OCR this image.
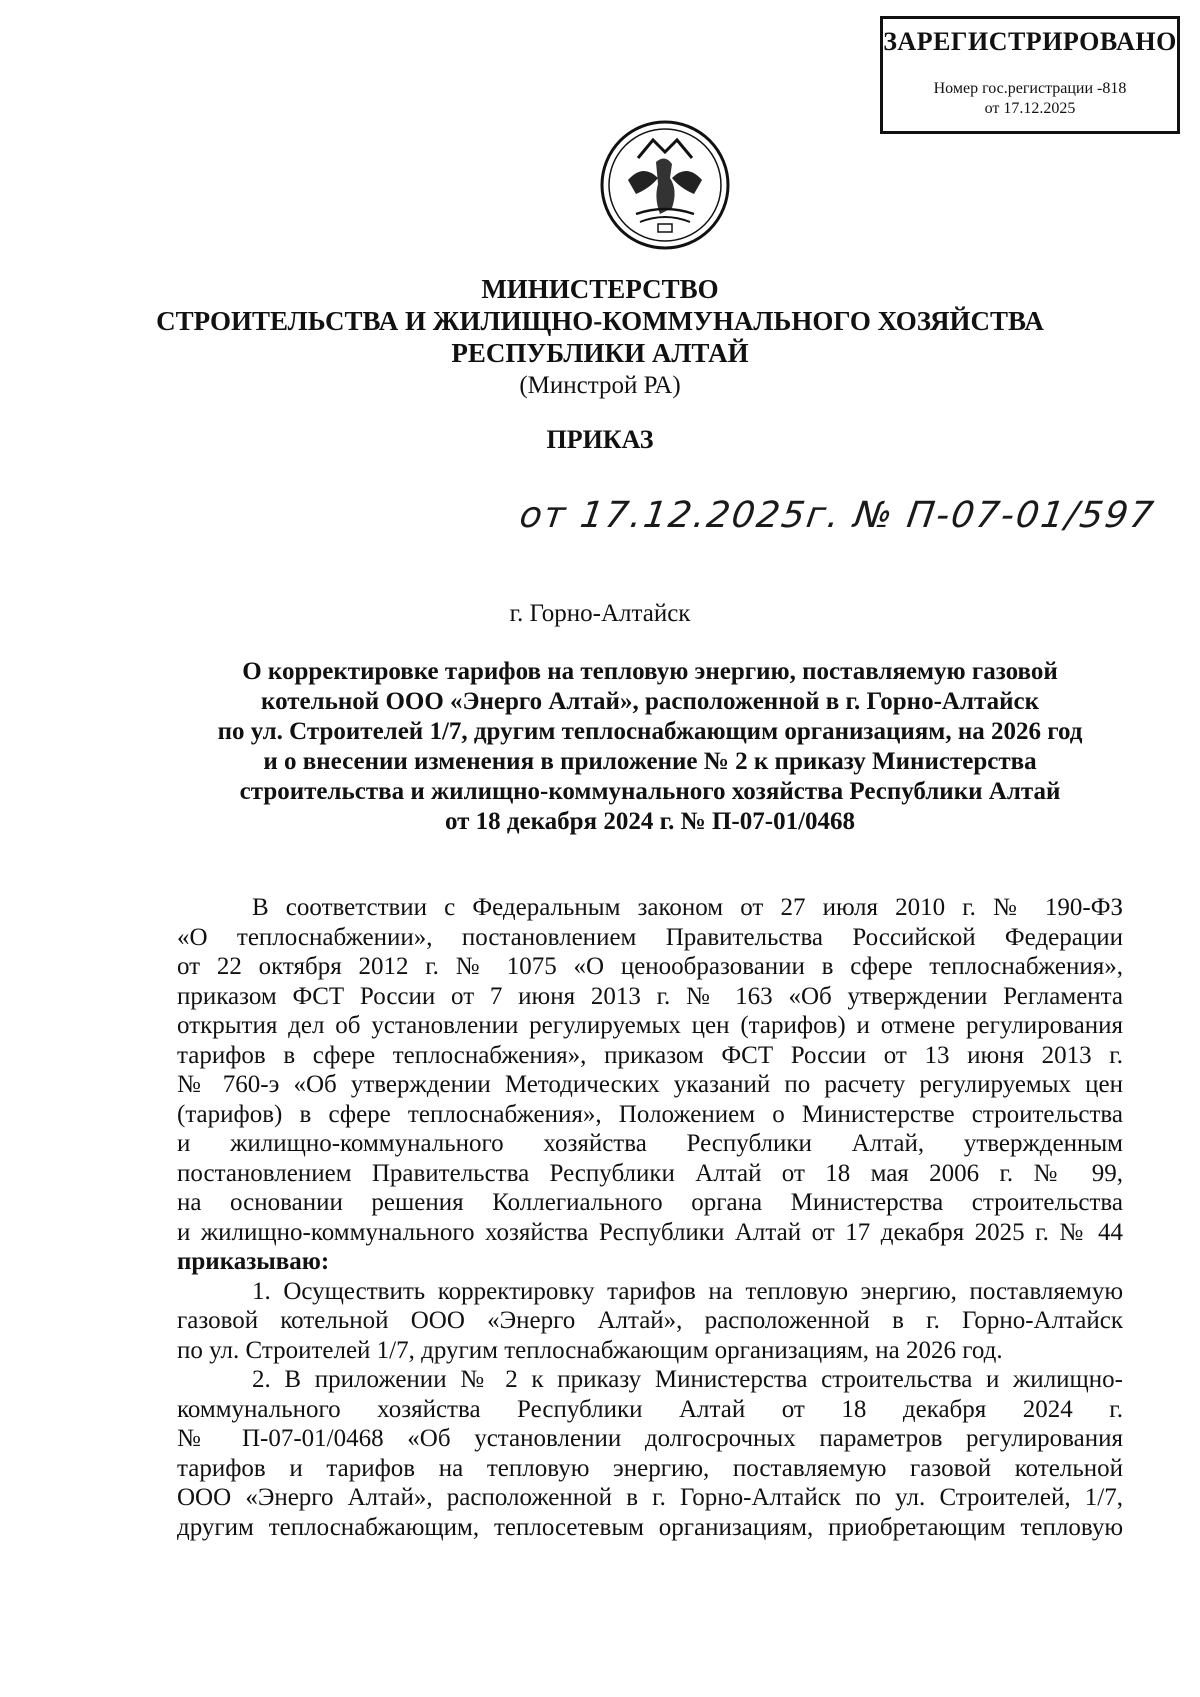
ЗАРЕГИСТРИРОВАНО
Номер гос.регистрации -818
от 17.12.2025
МИНИСТЕРСТВО
СТРОИТЕЛЬСТВА И ЖИЛИЩНО-КОММУНАЛЬНОГО ХОЗЯЙСТВА
РЕСПУБЛИКИ АЛТАЙ
(Минстрой РА)
ПРИКАЗ
от 17.12.2025г. № П-07-01/597
г. Горно-Алтайск
О корректировке тарифов на тепловую энергию, поставляемую газовой
котельной ООО «Энерго Алтай», расположенной в г. Горно-Алтайск
по ул. Строителей 1/7, другим теплоснабжающим организациям, на 2026 год
и о внесении изменения в приложение № 2 к приказу Министерства
строительства и жилищно-коммунального хозяйства Республики Алтай
от 18 декабря 2024 г. № П-07-01/0468
В соответствии с Федеральным законом от 27 июля 2010 г. № 190-ФЗ
«О теплоснабжении», постановлением Правительства Российской Федерации
от 22 октября 2012 г. № 1075 «О ценообразовании в сфере теплоснабжения»,
приказом ФСТ России от 7 июня 2013 г. № 163 «Об утверждении Регламента
открытия дел об установлении регулируемых цен (тарифов) и отмене регулирования
тарифов в сфере теплоснабжения», приказом ФСТ России от 13 июня 2013 г.
№ 760-э «Об утверждении Методических указаний по расчету регулируемых цен
(тарифов) в сфере теплоснабжения», Положением о Министерстве строительства
и жилищно-коммунального хозяйства Республики Алтай, утвержденным
постановлением Правительства Республики Алтай от 18 мая 2006 г. № 99,
на основании решения Коллегиального органа Министерства строительства
и жилищно-коммунального хозяйства Республики Алтай от 17 декабря 2025 г. № 44
приказываю:
1. Осуществить корректировку тарифов на тепловую энергию, поставляемую
газовой котельной ООО «Энерго Алтай», расположенной в г. Горно-Алтайск
по ул. Строителей 1/7, другим теплоснабжающим организациям, на 2026 год.
2. В приложении № 2 к приказу Министерства строительства и жилищно-
коммунального хозяйства Республики Алтай от 18 декабря 2024 г.
№ П-07-01/0468 «Об установлении долгосрочных параметров регулирования
тарифов и тарифов на тепловую энергию, поставляемую газовой котельной
ООО «Энерго Алтай», расположенной в г. Горно-Алтайск по ул. Строителей, 1/7,
другим теплоснабжающим, теплосетевым организациям, приобретающим тепловую
